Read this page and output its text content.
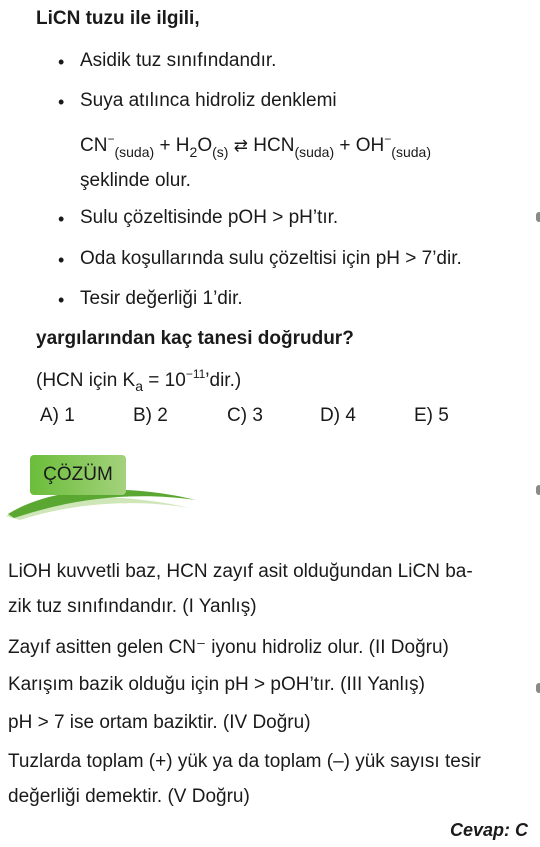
LiCN tuzu ile ilgili,
• Asidik tuz sınıfındandır.
• Suya atılınca hidroliz denklemi
$CN^-_{(suda)} + H_2O_{(s)}$ ⇄ $HCN_{(suda)} + OH^-_{(suda)}$
şeklinde olur.
• Sulu çözeltisinde pOH > pH’tır.
• Oda koşullarında sulu çözeltisi için pH > 7’dir.
• Tesir değerliği 1’dir.
yargılarından kaç tanesi doğrudur?
(HCN için $K_a$ = $10^{-11}’dir$.)
A) 1	B) 2	C) 3	D) 4	E) 5
ÇÖZÜM
LiOH kuvvetli baz, HCN zayıf asit olduğundan LiCN ba-
zik tuz sınıfındandır. (I Yanlış)
Zayıf asitten gelen CN⁻ iyonu hidroliz olur. (II Doğru)
Karışım bazik olduğu için pH > pOH’tır. (III Yanlış)
pH > 7 ise ortam baziktir. (IV Doğru)
Tuzlarda toplam (+) yük ya da toplam (–) yük sayısı tesir
değerliği demektir. (V Doğru)
Cevap: C
